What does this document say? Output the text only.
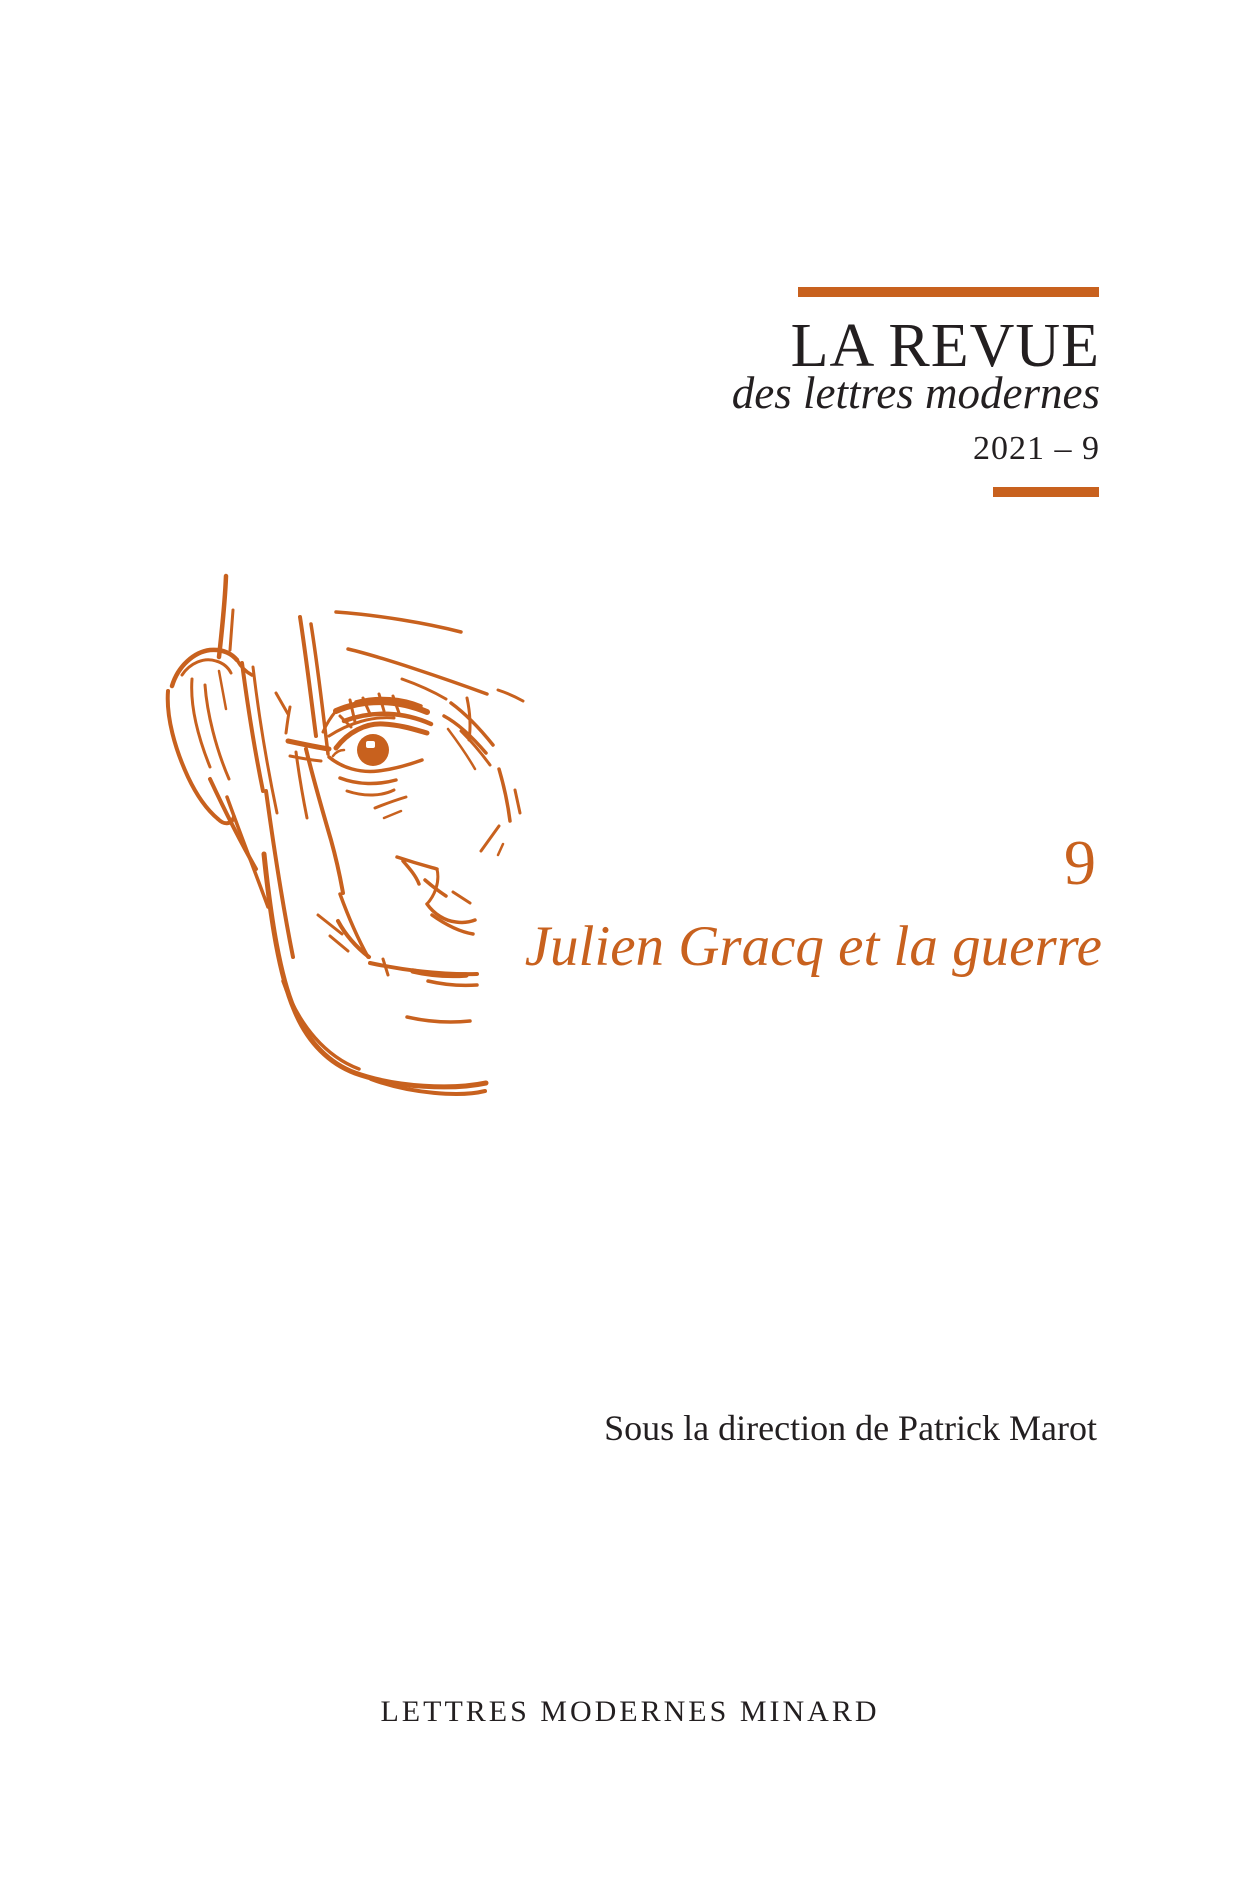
LA REVUE
des lettres modernes
2021 – 9
9
Julien Gracq et la guerre
Sous la direction de Patrick Marot
LETTRES MODERNES MINARD
